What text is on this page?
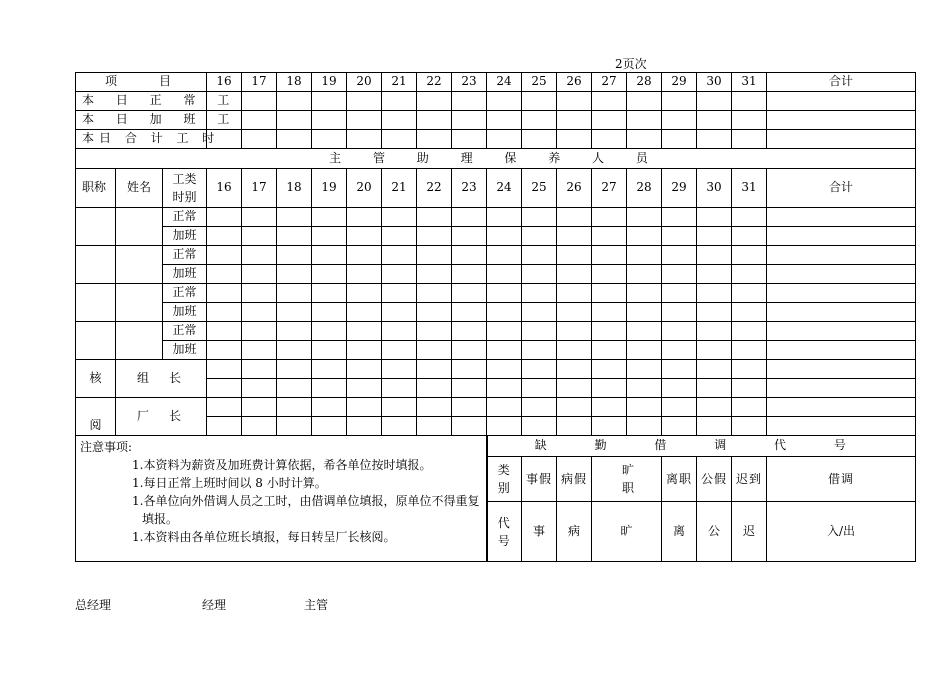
2页次
项　　目			16	17	18	19	20	21	22	23	24	25	26	27	28	29	30	31	合计
本 日 正 常 工																			
本 日 加 班 工																			
本日 合 计 工 时																			
主 管 助 理 保 养 人 员																			
职称	姓名	工类时别	16	17	18	19	20	21	22	23	24	25	26	27	28	29	30	31	合计
		正常																	
		加班																	
		正常																	
		加班																	
		正常																	
		加班																	
		正常																	
		加班																	
核	组　长																		

阅	厂　长																		

注意事项:
1.本资料为薪资及加班费计算依据，希各单位按时填报。
1.每日正常上班时间以 8 小时计算。
1.各单位向外借调人员之工时，由借调单位填报，原单位不得重复填报。
1.本资料由各单位班长填报，每日转呈厂长核阅。											缺 勤 借 调 代 号								
											类别	事假	病假	旷职		离职	公假	迟到	借调
											代号	事	病	旷		离	公	迟	入/出
总经理	经理	主管
